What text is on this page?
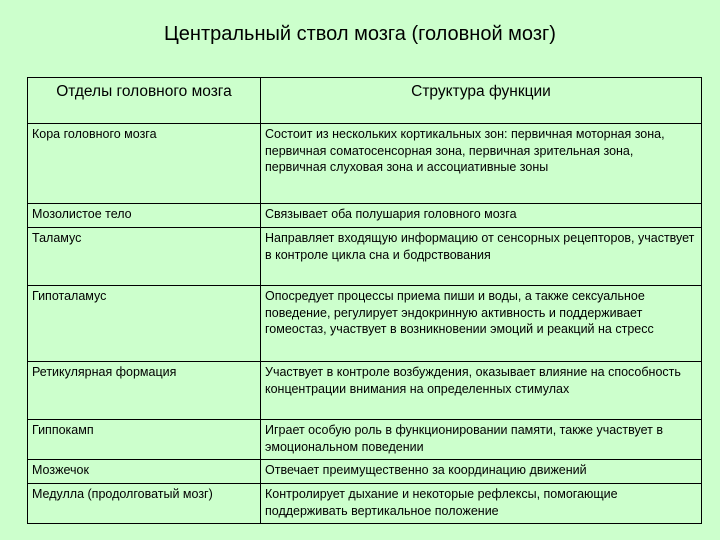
Центральный ствол мозга (головной мозг)
Отделы головного мозга	Структура функции
Кора головного мозга	Состоит из нескольких кортикальных зон: первичная моторная зона, первичная соматосенсорная зона, первичная зрительная зона, первичная слуховая зона и ассоциативные зоны
Мозолистое тело	Связывает оба полушария головного мозга
Таламус	Направляет входящую информацию от сенсорных рецепторов, участвует в контроле цикла сна и бодрствования
Гипоталамус	Опосредует процессы приема пиши и воды, а также сексуальное поведение, регулирует эндокринную активность и поддерживает гомеостаз, участвует в возникновении эмоций и реакций на стресс
Ретикулярная формация	Участвует в контроле возбуждения, оказывает влияние на способность концентрации внимания на определенных стимулах
Гиппокамп	Играет особую роль в функционировании памяти, также участвует в эмоциональном поведении
Мозжечок	Отвечает преимущественно за координацию движений
Медулла (продолговатый мозг)	Контролирует дыхание и некоторые рефлексы, помогающие поддерживать вертикальное положение
